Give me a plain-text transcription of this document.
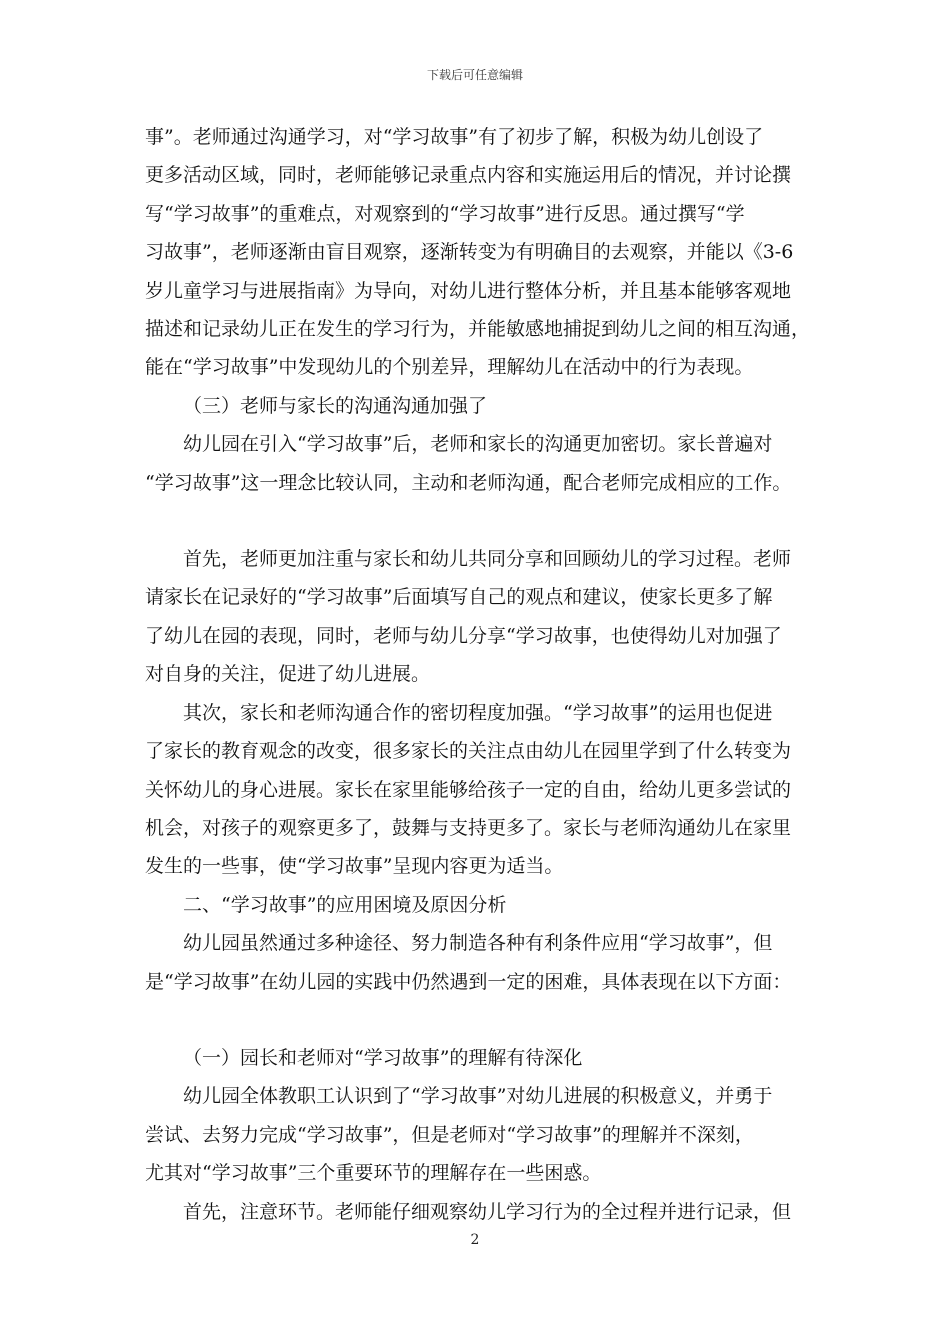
下载后可任意编辑

事”。老师通过沟通学习，对“学习故事”有了初步了解，积极为幼儿创设了

更多活动区域，同时，老师能够记录重点内容和实施运用后的情况，并讨论撰

写“学习故事”的重难点，对观察到的“学习故事”进行反思。通过撰写“学

习故事”，老师逐渐由盲目观察，逐渐转变为有明确目的去观察，并能以《3-6

岁儿童学习与进展指南》为导向，对幼儿进行整体分析，并且基本能够客观地

描述和记录幼儿正在发生的学习行为，并能敏感地捕捉到幼儿之间的相互沟通，

能在“学习故事”中发现幼儿的个别差异，理解幼儿在活动中的行为表现。

（三）老师与家长的沟通沟通加强了

幼儿园在引入“学习故事”后，老师和家长的沟通更加密切。家长普遍对

“学习故事”这一理念比较认同，主动和老师沟通，配合老师完成相应的工作。

首先，老师更加注重与家长和幼儿共同分享和回顾幼儿的学习过程。老师

请家长在记录好的“学习故事”后面填写自己的观点和建议，使家长更多了解

了幼儿在园的表现，同时，老师与幼儿分享“学习故事，也使得幼儿对加强了

对自身的关注，促进了幼儿进展。

其次，家长和老师沟通合作的密切程度加强。“学习故事”的运用也促进

了家长的教育观念的改变，很多家长的关注点由幼儿在园里学到了什么转变为

关怀幼儿的身心进展。家长在家里能够给孩子一定的自由，给幼儿更多尝试的

机会，对孩子的观察更多了，鼓舞与支持更多了。家长与老师沟通幼儿在家里

发生的一些事，使“学习故事”呈现内容更为适当。

二、“学习故事”的应用困境及原因分析

幼儿园虽然通过多种途径、努力制造各种有利条件应用“学习故事”，但

是“学习故事”在幼儿园的实践中仍然遇到一定的困难，具体表现在以下方面：

（一）园长和老师对“学习故事”的理解有待深化

幼儿园全体教职工认识到了“学习故事”对幼儿进展的积极意义，并勇于

尝试、去努力完成“学习故事”，但是老师对“学习故事”的理解并不深刻，

尤其对“学习故事”三个重要环节的理解存在一些困惑。

首先，注意环节。老师能仔细观察幼儿学习行为的全过程并进行记录，但

2
